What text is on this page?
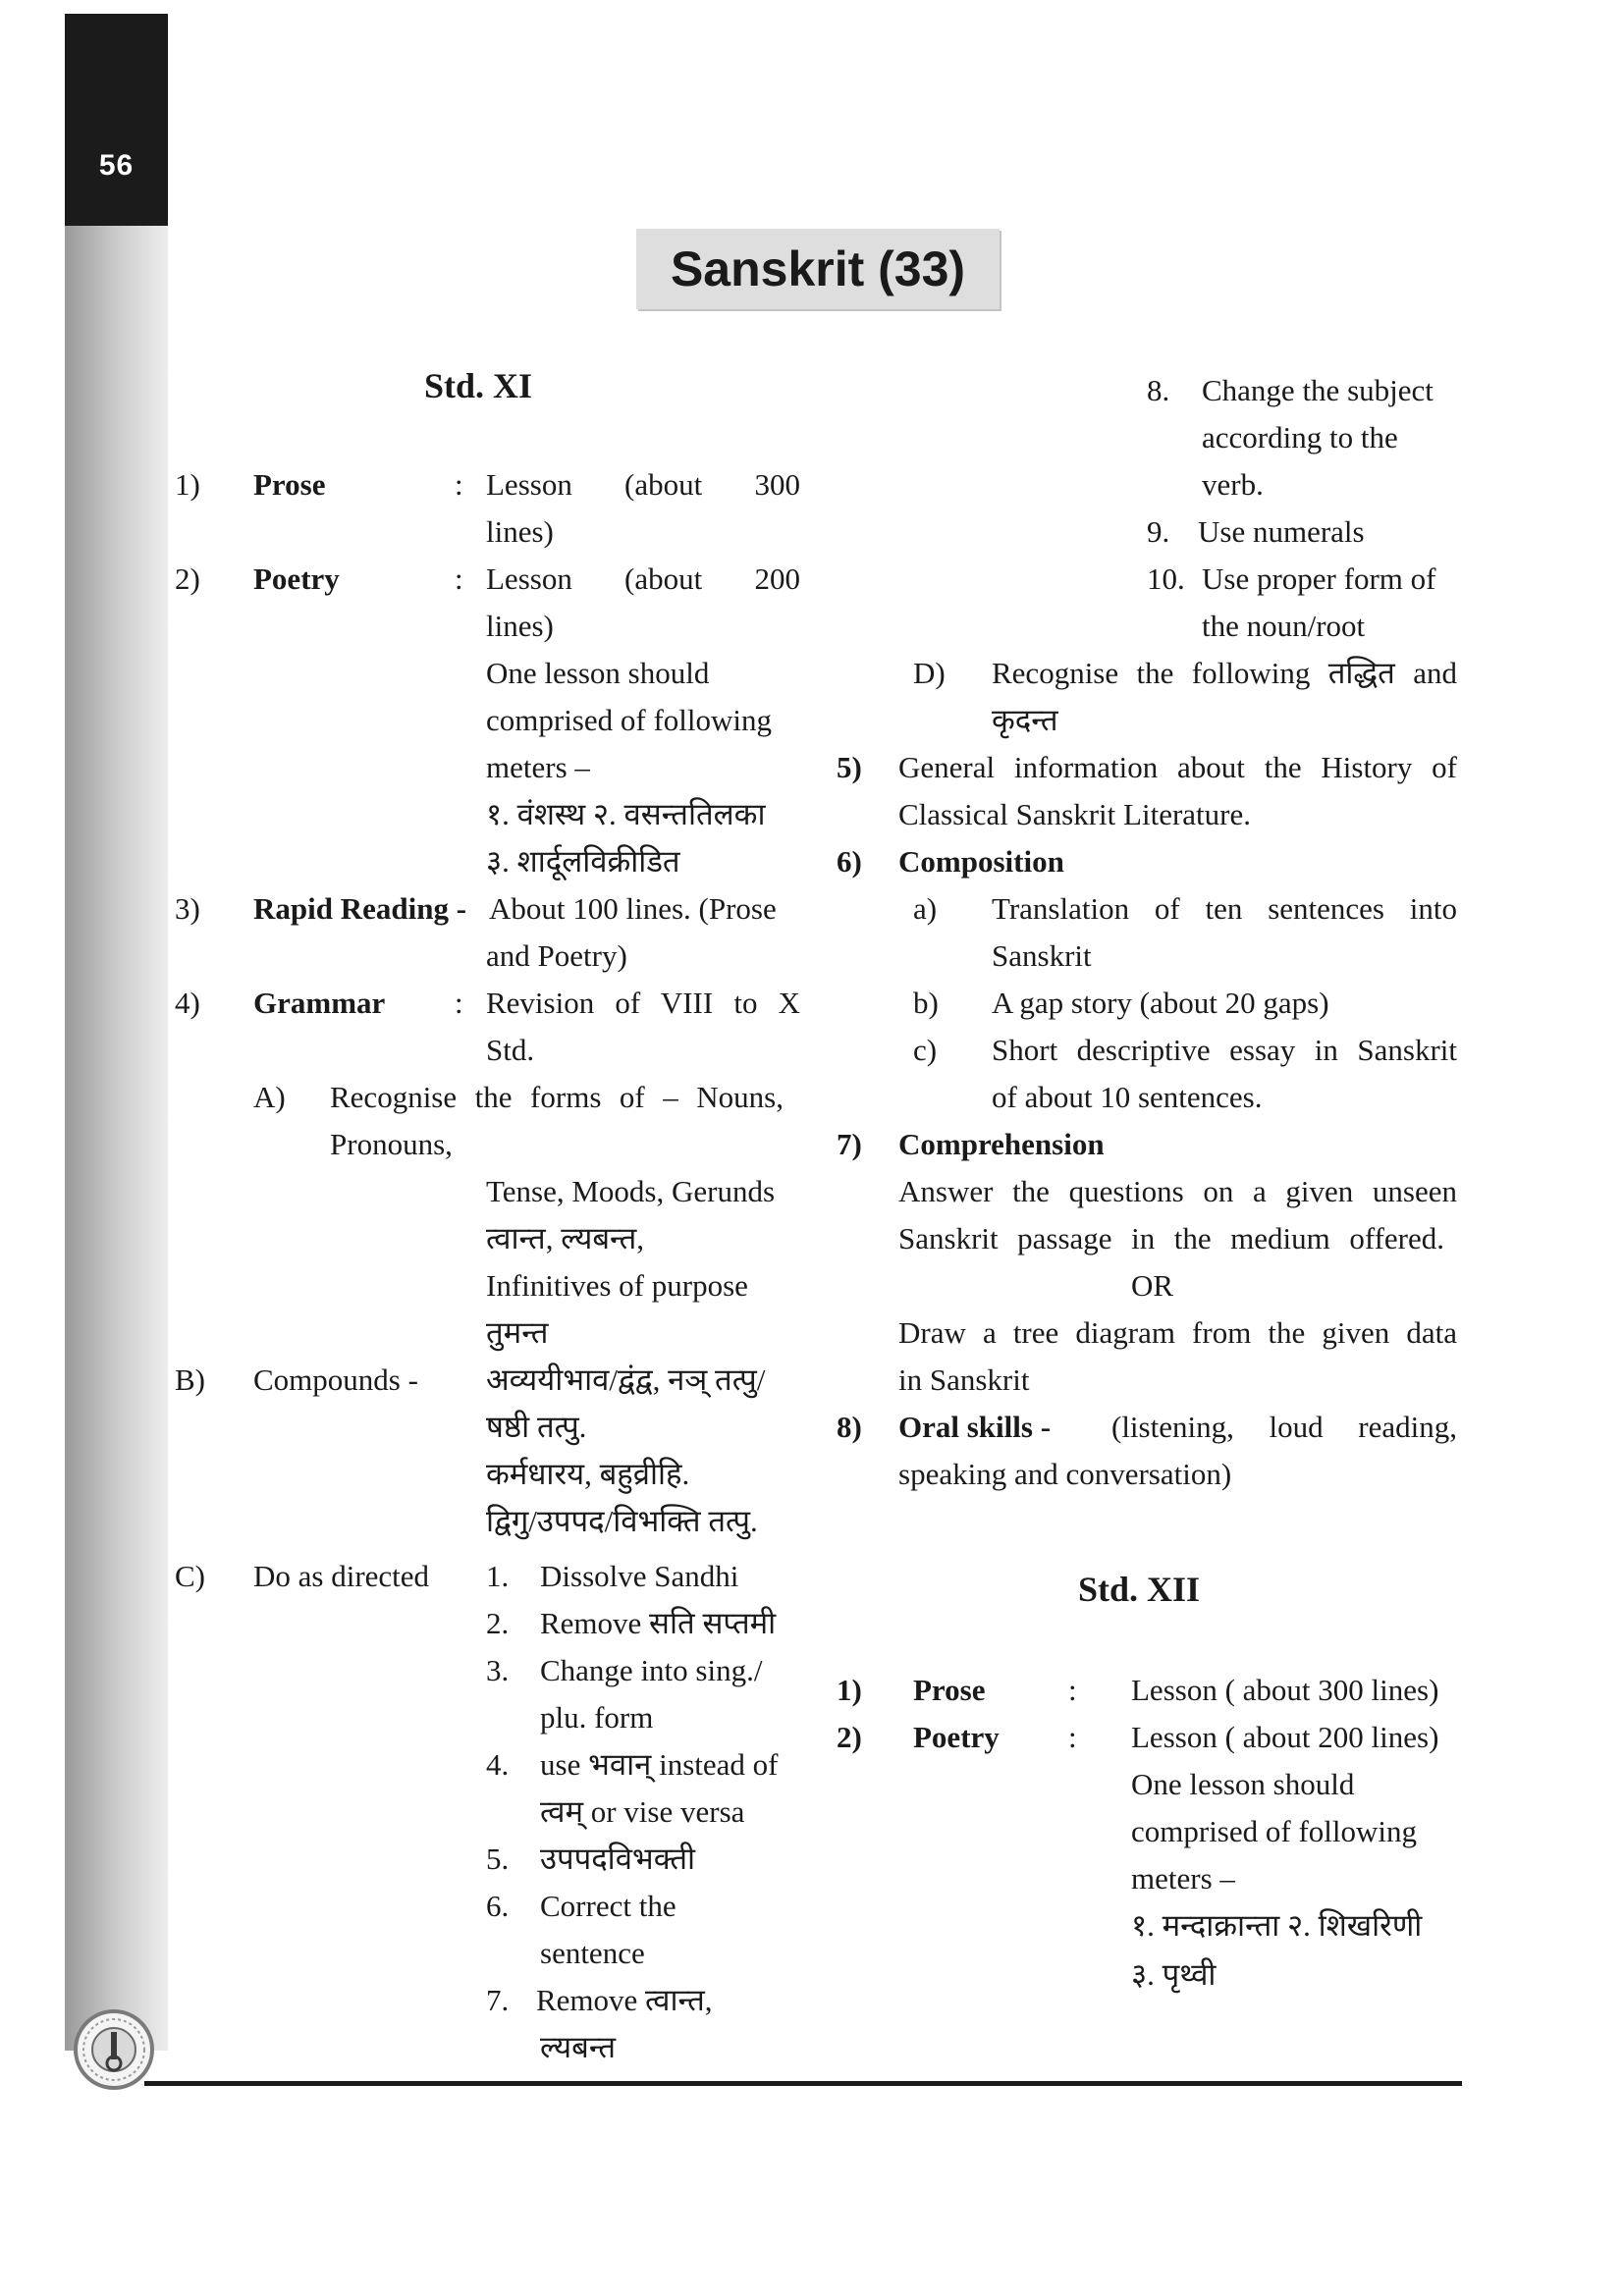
56
Sanskrit (33)
Std. XI
1) Prose	: Lesson (about 300
lines)
2) Poetry	: Lesson (about 200
lines)
One lesson should
comprised of following
meters –
१. वंशस्थ २. वसन्ततिलका
३. शार्दूलविक्रीडित
3) Rapid Reading - About 100 lines. (Prose
and Poetry)
4) Grammar : Revision of VIII to X
Std.
A) Recognise the forms of – Nouns,
Pronouns,
Tense, Moods, Gerunds
त्वान्त, ल्यबन्त,
Infinitives of purpose
तुमन्त
B) Compounds - अव्ययीभाव/द्वंद्व, नञ् तत्पु/
षष्ठी तत्पु.
कर्मधारय, बहुव्रीहि.
द्विगु/उपपद/विभक्ति तत्पु.
C) Do as directed 1. Dissolve Sandhi
2. Remove सति सप्तमी
3. Change into sing./
plu. form
4. use भवान् instead of
त्वम् or vise versa
5. उपपदविभक्ती
6. Correct the
sentence
7. Remove त्वान्त,
ल्यबन्त
8. Change the subject
according to the
verb.
9. Use numerals
10. Use proper form of
the noun/root
D) Recognise the following तद्धित and
कृदन्त
5) General information about the History of
Classical Sanskrit Literature.
6) Composition
a) Translation of ten sentences into
Sanskrit
b) A gap story (about 20 gaps)
c) Short descriptive essay in Sanskrit
of about 10 sentences.
7) Comprehension
Answer the questions on a given unseen
Sanskrit passage in the medium offered.
OR
Draw a tree diagram from the given data
in Sanskrit
8) Oral skills - (listening, loud reading,
speaking and conversation)
Std. XII
1) Prose	: Lesson ( about 300 lines)
2) Poetry : Lesson ( about 200 lines)
One lesson should
comprised of following
meters –
१. मन्दाक्रान्ता २. शिखरिणी
३. पृथ्वी
